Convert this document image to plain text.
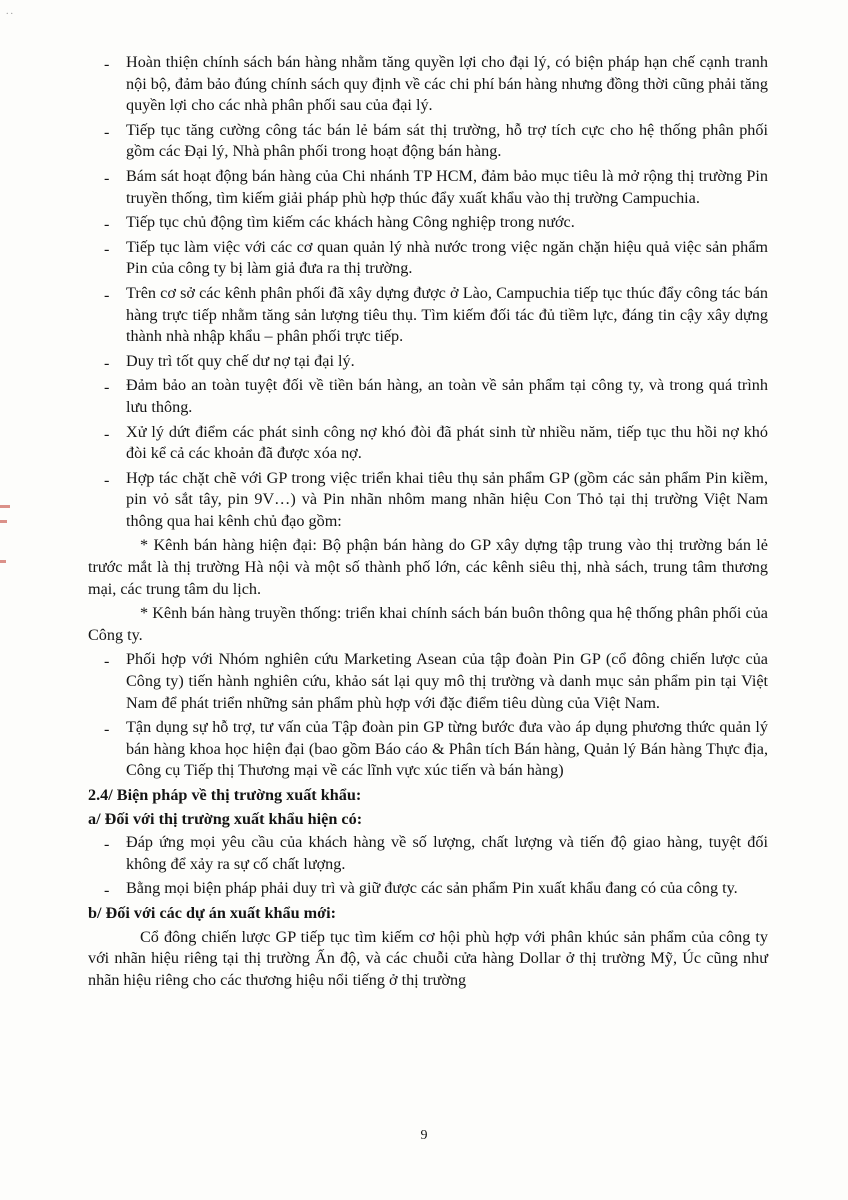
..
- Hoàn thiện chính sách bán hàng nhằm tăng quyền lợi cho đại lý, có biện pháp hạn chế cạnh tranh nội bộ, đảm bảo đúng chính sách quy định về các chi phí bán hàng nhưng đồng thời cũng phải tăng quyền lợi cho các nhà phân phối sau của đại lý.
- Tiếp tục tăng cường công tác bán lẻ bám sát thị trường, hỗ trợ tích cực cho hệ thống phân phối gồm các Đại lý, Nhà phân phối trong hoạt động bán hàng.
- Bám sát hoạt động bán hàng của Chi nhánh TP HCM, đảm bảo mục tiêu là mở rộng thị trường Pin truyền thống, tìm kiếm giải pháp phù hợp thúc đẩy xuất khẩu vào thị trường Campuchia.
- Tiếp tục chủ động tìm kiếm các khách hàng Công nghiệp trong nước.
- Tiếp tục làm việc với các cơ quan quản lý nhà nước trong việc ngăn chặn hiệu quả việc sản phẩm Pin của công ty bị làm giả đưa ra thị trường.
- Trên cơ sở các kênh phân phối đã xây dựng được ở Lào, Campuchia tiếp tục thúc đẩy công tác bán hàng trực tiếp nhằm tăng sản lượng tiêu thụ. Tìm kiếm đối tác đủ tiềm lực, đáng tin cậy xây dựng thành nhà nhập khẩu – phân phối trực tiếp.
- Duy trì tốt quy chế dư nợ tại đại lý.
- Đảm bảo an toàn tuyệt đối về tiền bán hàng, an toàn về sản phẩm tại công ty, và trong quá trình lưu thông.
- Xử lý dứt điểm các phát sinh công nợ khó đòi đã phát sinh từ nhiều năm, tiếp tục thu hồi nợ khó đòi kể cả các khoản đã được xóa nợ.
- Hợp tác chặt chẽ với GP trong việc triển khai tiêu thụ sản phẩm GP (gồm các sản phẩm Pin kiềm, pin vỏ sắt tây, pin 9V…) và Pin nhãn nhôm mang nhãn hiệu Con Thỏ tại thị trường Việt Nam thông qua hai kênh chủ đạo gồm:
* Kênh bán hàng hiện đại: Bộ phận bán hàng do GP xây dựng tập trung vào thị trường bán lẻ trước mắt là thị trường Hà nội và một số thành phố lớn, các kênh siêu thị, nhà sách, trung tâm thương mại, các trung tâm du lịch.
* Kênh bán hàng truyền thống: triển khai chính sách bán buôn thông qua hệ thống phân phối của Công ty.
- Phối hợp với Nhóm nghiên cứu Marketing Asean của tập đoàn Pin GP (cổ đông chiến lược của Công ty) tiến hành nghiên cứu, khảo sát lại quy mô thị trường và danh mục sản phẩm pin tại Việt Nam để phát triển những sản phẩm phù hợp với đặc điểm tiêu dùng của Việt Nam.
- Tận dụng sự hỗ trợ, tư vấn của Tập đoàn pin GP từng bước đưa vào áp dụng phương thức quản lý bán hàng khoa học hiện đại (bao gồm Báo cáo & Phân tích Bán hàng, Quản lý Bán hàng Thực địa, Công cụ Tiếp thị Thương mại về các lĩnh vực xúc tiến và bán hàng)
2.4/ Biện pháp về thị trường xuất khẩu:
a/ Đối với thị trường xuất khẩu hiện có:
- Đáp ứng mọi yêu cầu của khách hàng về số lượng, chất lượng và tiến độ giao hàng, tuyệt đối không để xảy ra sự cố chất lượng.
- Bằng mọi biện pháp phải duy trì và giữ được các sản phẩm Pin xuất khẩu đang có của công ty.
b/ Đối với các dự án xuất khẩu mới:
Cổ đông chiến lược GP tiếp tục tìm kiếm cơ hội phù hợp với phân khúc sản phẩm của công ty với nhãn hiệu riêng tại thị trường Ấn độ, và các chuỗi cửa hàng Dollar ở thị trường Mỹ, Úc cũng như nhãn hiệu riêng cho các thương hiệu nổi tiếng ở thị trường
9
